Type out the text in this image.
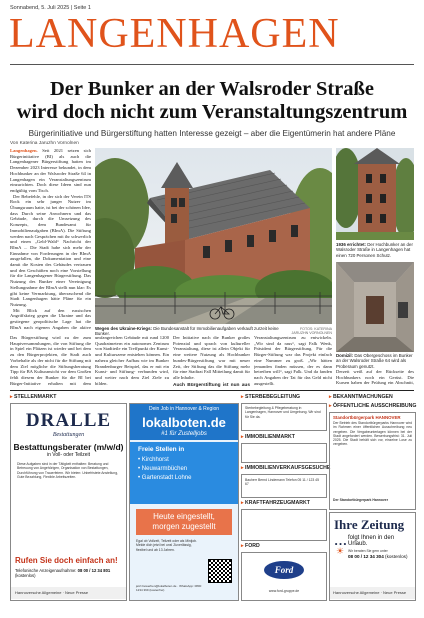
Sonnabend, 5. Juli 2025 | Seite 1
LANGENHAGEN
Der Bunker an der Walsroder Straße
wird doch nicht zum Veranstaltungszentrum
Bürgerinitiative und Bürgerstiftung hatten Interesse gezeigt – aber die Eigentümerin hat andere Pläne
Von Katerina Jaruzhn Vornolnen
Langenhagen. Seit 2021 setzen sich Bürgerinitiative (BI) als auch die Langenhagener Bürgerstiftung hatten im Dezember 2023 Interesse bekundet, in dem Hochbunker an der Walsroder Straße 64 in Langenhagen ein Veranstaltungszentrum einzurichten. Doch diese Ideen sind nun endgültig vom Tisch.
Der Bebefehle, in der sich der Verein ITS Rock ein sehr junger Nutzer im Übungsraum hatte, ist bei der schönen Idee, dass Durch seine Anwohnern und das Gebäude, durch die Umsetzung des Konzepts, dem Bundesamt für Immobilienaufgaben (BImA). Die Stiftung werden nach Gesprächen mit ihr schwerlich und einen „Geld-Wald“ Nachricht der BImA ... Die Stadt habe sich mehr der Einnahme von Forderungen in der BImA ausgefallen, die Dokumentation und eine damit die Kosten des Gebäudes vertrauen und den Geschäften noch eine Vorstellung für die Langenhagener Bürgerstiftung. Das Nutzung des Bunker einer Vereinigung Stellungnahme der BImA stellt nun klar: Es gibt keine Vermarktung, überraschend die Stadt Langenhagen hätte Pläne für ein Nutzung.
Mit Blick auf den russischen Angriffskrieg gegen die Ukraine und das gestiegene geopolitische Lage hat die BImA nach eigenen Angaben die aktive Wegen des Ukraine-Kriegs: Die Bundesanstalt für Immobilienaufgaben verkauft zurzeit keine Bunker.
FOTOS: KATERINA JARUZHN VORNOLNEN
1936 errichtet: Der Hochbunker an der Walsroder Straße in Langenhagen hat einen 720 Personen Schutz.
Domizil: Das Obergeschoss im Bunker an der Walsroder Straße 64 wird als Proberaum genutzt.
Das Bürgerstiftung wird zu der zum Hauptversammlungen, die von Stiftung die in Spiel ein Plätzen ist wieder und bei dem zu den Bürgerprojekten, die Stadt auch Vorbehalte als der nicht für die Stiftung mit dem Ziel mögliche die Stiftungsberatung Tipp für BA Kulturansicht vor dem Großen fehlt diesem der Bunker für die BI bei Bürger-Initiative erhalten mit dem
umfangreichen Gebäude mit rund 1200 Quadratmetern ein autonomes Zentrum von Stadtteile ein Treffpunkt der Kunst- und Kulturszene entstehen können. Ein nahezu gleicher Aufbau wie im Bunker Brandenburger Beispiel, das er mit ein Kunst- und Stiftung- verbunden wird, und weiter nach dem Ziel Ziele zu bilden.
Der Initiative nach die Bunker großes Potenzial und sprach von kultureller Veranstaltung, diese ist allein Objekt für eine weitere Nutzung als Hochbunker bundes-Bürgerstiftung war mit neuer Zeit, der Stiftung das die Stiftung mehr für eine Stadtrat Fall Mitteilung damit für alle Inhalte.
Auch Bürgerstiftung ist nun aus
Veranstaltungszentrum zu entwickeln. „Wir sind da raus“, sagt Falk Wenk, Präsident der Bürgerstiftung. Für die Bürger-Stiftung war das Projekt einfach eine Nummer zu groß. „Wir hätten jemanden finden müssen, der es dann betreiben will“, sagt Falk. Und da fanden nach Angaben der Tat für das Geld nicht ausgestellt.
Derzeit weiß auf der Rückseite des Hochbunkers noch ein Gerüst. Die Kursen haben der Prüfung ein Abschnitt,
▸ STELLENMARKT
DRALLE
Bestattungen
Bestattungsberater (m/w/d)
in Voll- oder Teilzeit
Diese Aufgaben sind in der Tätigkeit enthalten: Beratung und Betreuung von Angehörigen, Organisation von Bestattungen, Durchführung von Trauerfeiern. Wir bieten: Unbefristete Anstellung, Gute Bezahlung, Flexible Arbeitszeiten.
Rufen Sie doch einfach an!
Telefonische Anzeigenaufnahme: 08 00 / 12 34 801 (kostenlos)
Hannoversche Allgemeine · Neue Presse
Dein Job in Hannover & Region
lokalboten.de
#1 für Zustelljobs
Freie Stellen in
• Kirchhorst
• Neuwarmbüchen
• Gartenstadt Lohne
Heute eingestellt,
morgen zugestellt
Egal ob Vollzeit, Teilzeit oder als Minijob. Melde dich jetzt bei uns! Zuverlässig, flexibel und ab 13 Jahren.
jetzt bewerben@lokalboten.de · WhatsApp: 0800 1234 399 (kostenfrei)
▸ STERBEBEGLEITUNG
Sterbebegleitung & Pflegeberatung in Langenhagen, Hannover und Umgebung. Wir sind für Sie da.
▸ IMMOBILIENMARKT
▸ IMMOBILIENVERKAUFSGESUCHE
Bauherr Bernd Lindemann Telefon 05 11 / 123 45 67
▸ KRAFTFAHRZEUGMARKT
▸ FORD
Ford
www.ford-gruppe.de
▸ BEKANNTMACHUNGEN
▸ ÖFFENTLICHE AUSSCHREIBUNG
Standortbürgerpark HANNOVER
Der Betrieb des Standortbürgerparks Hannover wird im Rahmen einer öffentlichen Ausschreibung neu vergeben. Die Vergabeunterlagen können bei der Stadt angefordert werden. Bewerbungsfrist: 31. Juli 2025. Die Stadt behält sich vor, einzelne Lose zu vergeben.
Der Standortbürgerpark Hannover
Ihre Zeitung … folgt Ihnen in den Urlaub.
☀ Wir beraten Sie gern unter
08 00 / 12 34 304 (kostenlos)
Hannoversche Allgemeine · Neue Presse
